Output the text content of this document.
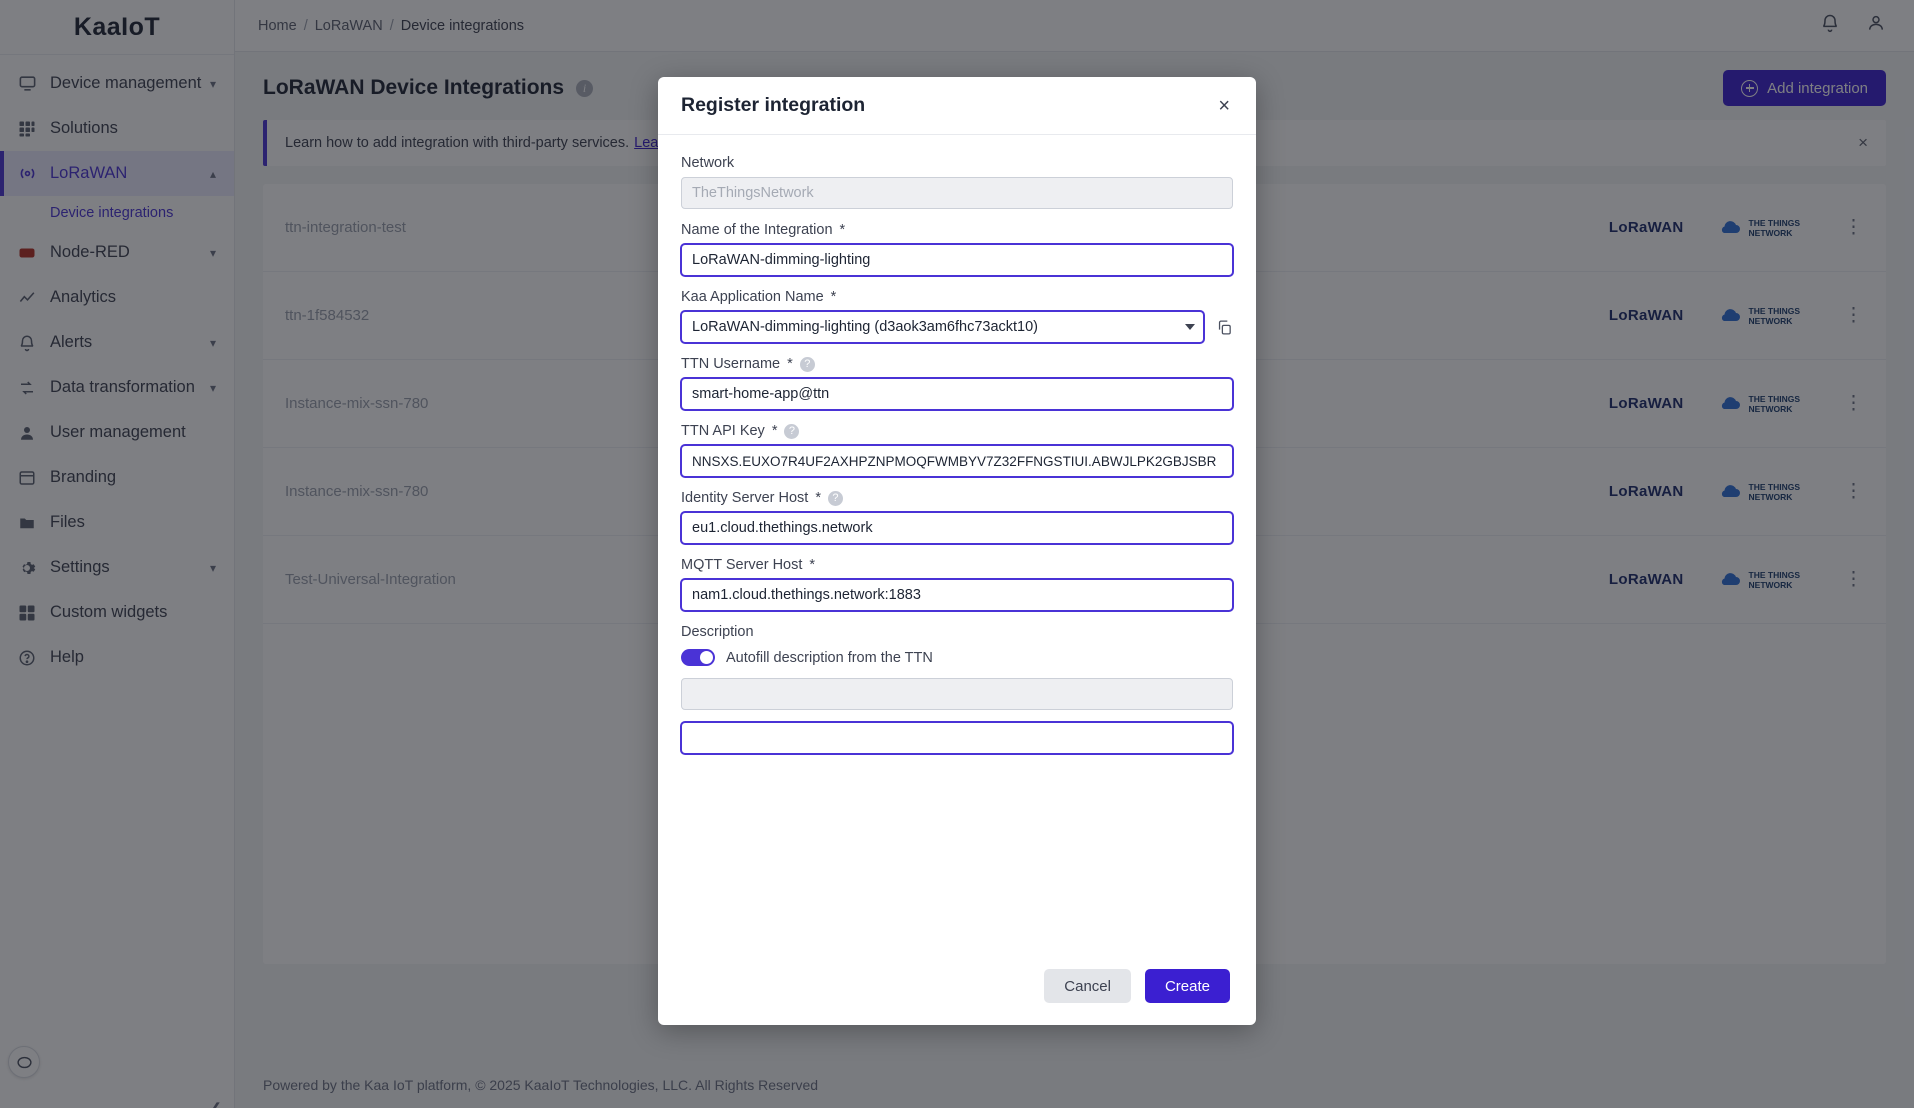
Register integration	×
Network
TheThingsNetwork
Name of the Integration *
LoRaWAN-dimming-lighting
Kaa Application Name *
LoRaWAN-dimming-lighting (d3aok3am6fhc73ackt10)
TTN Username *	?
smart-home-app@ttn
TTN API Key *	?
NNSXS.EUXO7R4UF2AXHPZNPMOQFWMBYV7Z32FFNGSTIUI.ABWJLPK2GBJSBR
Identity Server Host *	?
eu1.cloud.thethings.network
MQTT Server Host *
nam1.cloud.thethings.network:1883
Description
Autofill description from the TTN

Cancel	Create
